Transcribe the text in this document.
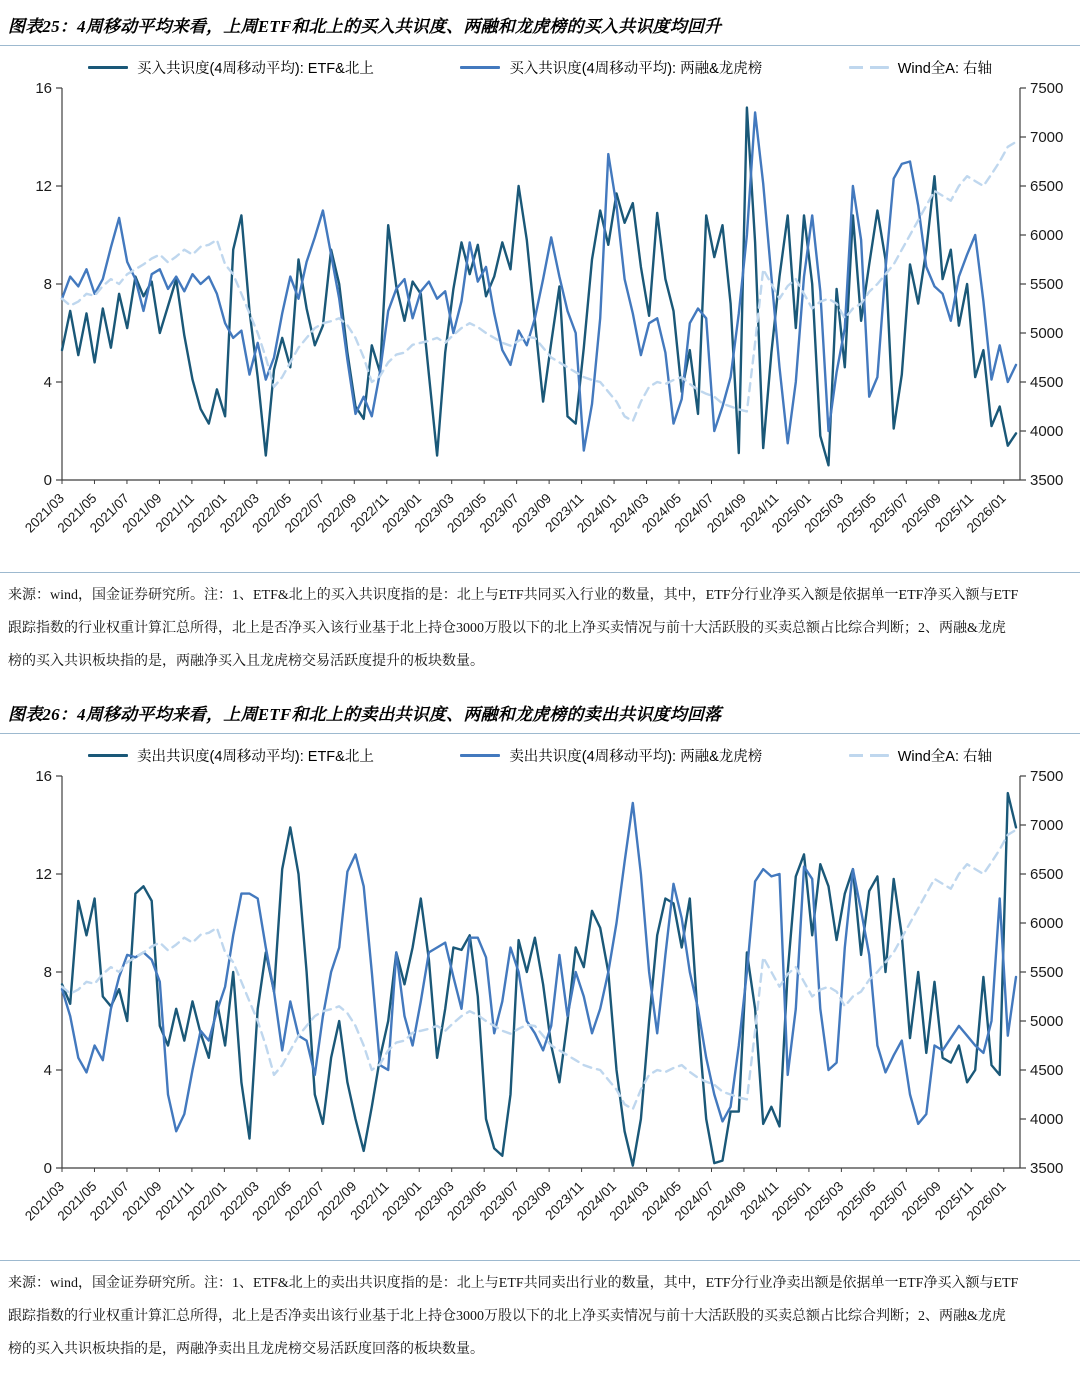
图表25：4周移动平均来看，上周ETF和北上的买入共识度、两融和龙虎榜的买入共识度均回升
买入共识度(4周移动平均): ETF&北上	买入共识度(4周移动平均): 两融&龙虎榜	Wind全A: 右轴
0
4
8
12
16
3500
4000
4500
5000
5500
6000
6500
7000
7500
2021/03
2021/05
2021/07
2021/09
2021/11
2022/01
2022/03
2022/05
2022/07
2022/09
2022/11
2023/01
2023/03
2023/05
2023/07
2023/09
2023/11
2024/01
2024/03
2024/05
2024/07
2024/09
2024/11
2025/01
2025/03
2025/05
2025/07
2025/09
2025/11
2026/01
来源：wind，国金证券研究所。注：1、ETF&北上的买入共识度指的是：北上与ETF共同买入行业的数量，其中，ETF分行业净买入额是依据单一ETF净买入额与ETF
跟踪指数的行业权重计算汇总所得，北上是否净买入该行业基于北上持仓3000万股以下的北上净买卖情况与前十大活跃股的买卖总额占比综合判断；2、两融&龙虎
榜的买入共识板块指的是，两融净买入且龙虎榜交易活跃度提升的板块数量。
图表26：4周移动平均来看，上周ETF和北上的卖出共识度、两融和龙虎榜的卖出共识度均回落
卖出共识度(4周移动平均): ETF&北上	卖出共识度(4周移动平均): 两融&龙虎榜	Wind全A: 右轴
0
4
8
12
16
3500
4000
4500
5000
5500
6000
6500
7000
7500
2021/03
2021/05
2021/07
2021/09
2021/11
2022/01
2022/03
2022/05
2022/07
2022/09
2022/11
2023/01
2023/03
2023/05
2023/07
2023/09
2023/11
2024/01
2024/03
2024/05
2024/07
2024/09
2024/11
2025/01
2025/03
2025/05
2025/07
2025/09
2025/11
2026/01
来源：wind，国金证券研究所。注：1、ETF&北上的卖出共识度指的是：北上与ETF共同卖出行业的数量，其中，ETF分行业净卖出额是依据单一ETF净买入额与ETF
跟踪指数的行业权重计算汇总所得，北上是否净卖出该行业基于北上持仓3000万股以下的北上净买卖情况与前十大活跃股的买卖总额占比综合判断；2、两融&龙虎
榜的买入共识板块指的是，两融净卖出且龙虎榜交易活跃度回落的板块数量。
